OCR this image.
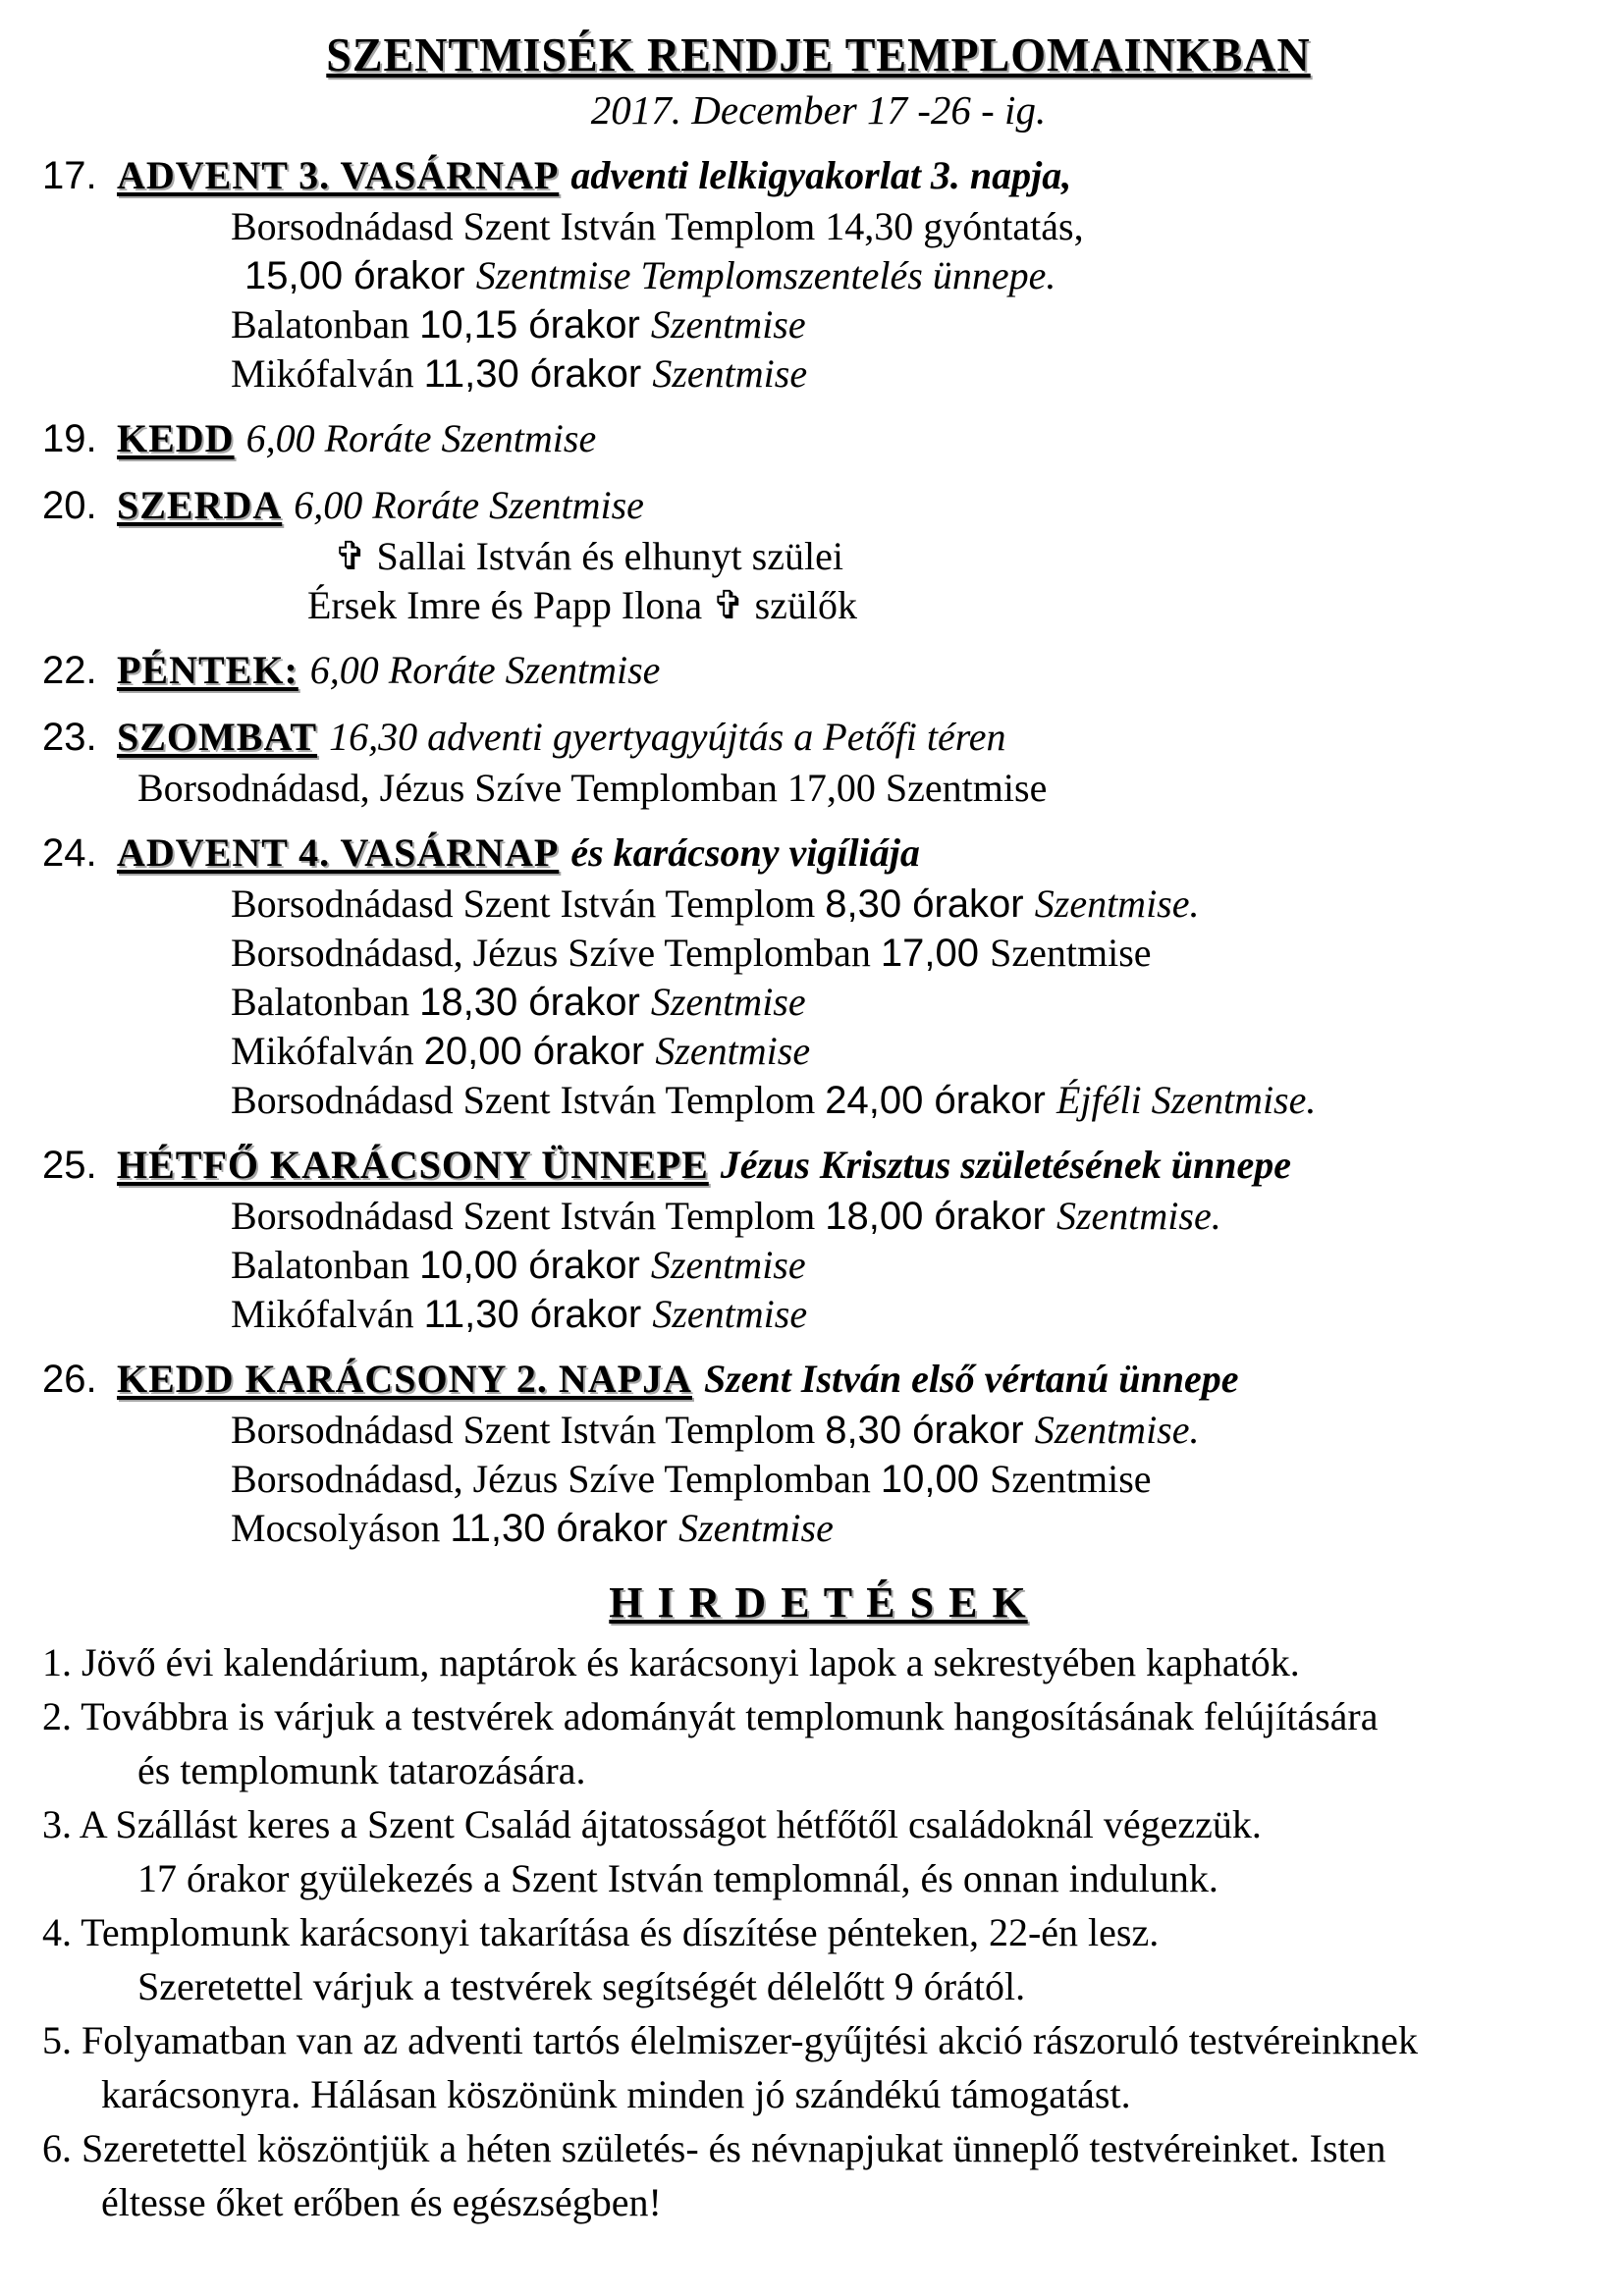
SZENTMISÉK RENDJE TEMPLOMAINKBAN
2017. December 17 -26 - ig.
17. ADVENT 3. VASÁRNAP adventi lelkigyakorlat 3. napja,
Borsodnádasd Szent István Templom 14,30 gyóntatás,
15,00 órakor Szentmise Templomszentelés ünnepe.
Balatonban 10,15 órakor Szentmise
Mikófalván 11,30 órakor Szentmise
19. KEDD 6,00 Roráte Szentmise
20. SZERDA 6,00 Roráte Szentmise
✞ Sallai István és elhunyt szülei
Érsek Imre és Papp Ilona ✞ szülők
22. PÉNTEK: 6,00 Roráte Szentmise
23. SZOMBAT 16,30 adventi gyertyagyújtás a Petőfi téren
Borsodnádasd, Jézus Szíve Templomban 17,00 Szentmise
24. ADVENT 4. VASÁRNAP és karácsony vigíliája
Borsodnádasd Szent István Templom 8,30 órakor Szentmise.
Borsodnádasd, Jézus Szíve Templomban 17,00 Szentmise
Balatonban 18,30 órakor Szentmise
Mikófalván 20,00 órakor Szentmise
Borsodnádasd Szent István Templom 24,00 órakor Éjféli Szentmise.
25. HÉTFŐ KARÁCSONY ÜNNEPE Jézus Krisztus születésének ünnepe
Borsodnádasd Szent István Templom 18,00 órakor Szentmise.
Balatonban 10,00 órakor Szentmise
Mikófalván 11,30 órakor Szentmise
26. KEDD KARÁCSONY 2. NAPJA Szent István első vértanú ünnepe
Borsodnádasd Szent István Templom 8,30 órakor Szentmise.
Borsodnádasd, Jézus Szíve Templomban 10,00 Szentmise
Mocsolyáson 11,30 órakor Szentmise
H I R D E T É S E K
1. Jövő évi kalendárium, naptárok és karácsonyi lapok a sekrestyében kaphatók.
2. Továbbra is várjuk a testvérek adományát templomunk hangosításának felújítására
és templomunk tatarozására.
3. A Szállást keres a Szent Család ájtatosságot hétfőtől családoknál végezzük.
17 órakor gyülekezés a Szent István templomnál, és onnan indulunk.
4. Templomunk karácsonyi takarítása és díszítése pénteken, 22-én lesz.
Szeretettel várjuk a testvérek segítségét délelőtt 9 órától.
5. Folyamatban van az adventi tartós élelmiszer-gyűjtési akció rászoruló testvéreinknek
karácsonyra. Hálásan köszönünk minden jó szándékú támogatást.
6. Szeretettel köszöntjük a héten születés- és névnapjukat ünneplő testvéreinket. Isten
éltesse őket erőben és egészségben!
